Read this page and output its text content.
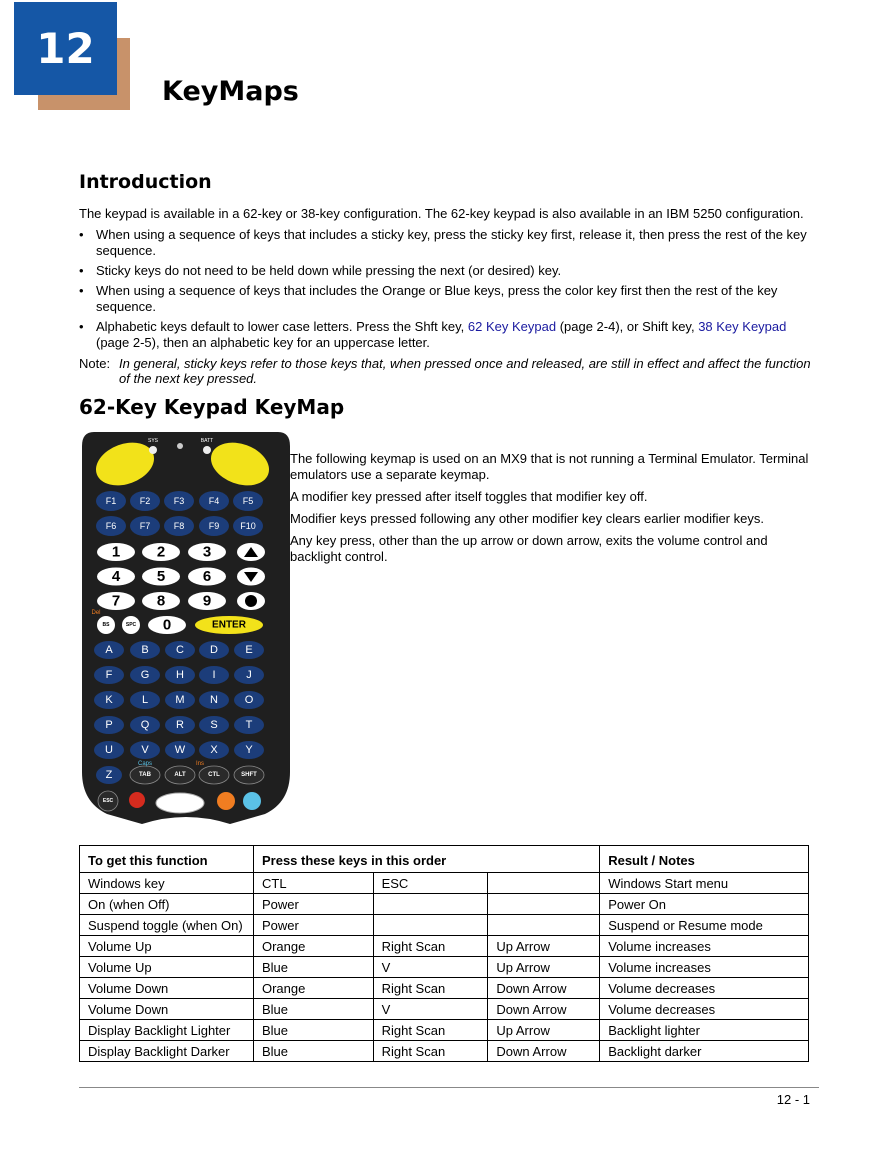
12
KeyMaps
Introduction
The keypad is available in a 62-key or 38-key configuration. The 62-key keypad is also available in an IBM 5250 configuration.
• When using a sequence of keys that includes a sticky key, press the sticky key first, release it, then press the rest of the key sequence.
• Sticky keys do not need to be held down while pressing the next (or desired) key.
• When using a sequence of keys that includes the Orange or Blue keys, press the color key first then the rest of the key sequence.
• Alphabetic keys default to lower case letters. Press the Shft key, 62 Key Keypad (page 2-4), or Shift key, 38 Key Keypad (page 2-5), then an alphabetic key for an uppercase letter.
Note: In general, sticky keys refer to those keys that, when pressed once and released, are still in effect and affect the function of the next key pressed.
62-Key Keypad KeyMap
SYS	BATT
F1	F2	F3	F4	F5
F6	F7	F8	F9 F10
1 2	3
4 5	6
7 8	9
BS	SPC 0	ENTER
Del
A	B C D E
F	G H	I	J
K	L M N O
P	Q R S	T
U	V W X	Y
Z	TAB	ALT	CTL	SHFT
Caps	Ins
ESC

The following keymap is used on an MX9 that is not running a Terminal Emulator. Terminal emulators use a separate keymap.

A modifier key pressed after itself toggles that modifier key off.

Modifier keys pressed following any other modifier key clears earlier modifier keys.

Any key press, other than the up arrow or down arrow, exits the volume control and backlight control.

To get this function	Press these keys in this order			Result / Notes
Windows key	CTL	ESC		Windows Start menu
On (when Off)	Power			Power On
Suspend toggle (when On)	Power			Suspend or Resume mode
Volume Up	Orange	Right Scan	Up Arrow	Volume increases
Volume Up	Blue	V	Up Arrow	Volume increases
Volume Down	Orange	Right Scan	Down Arrow	Volume decreases
Volume Down	Blue	V	Down Arrow	Volume decreases
Display Backlight Lighter	Blue	Right Scan	Up Arrow	Backlight lighter
Display Backlight Darker	Blue	Right Scan	Down Arrow	Backlight darker
12 - 1
